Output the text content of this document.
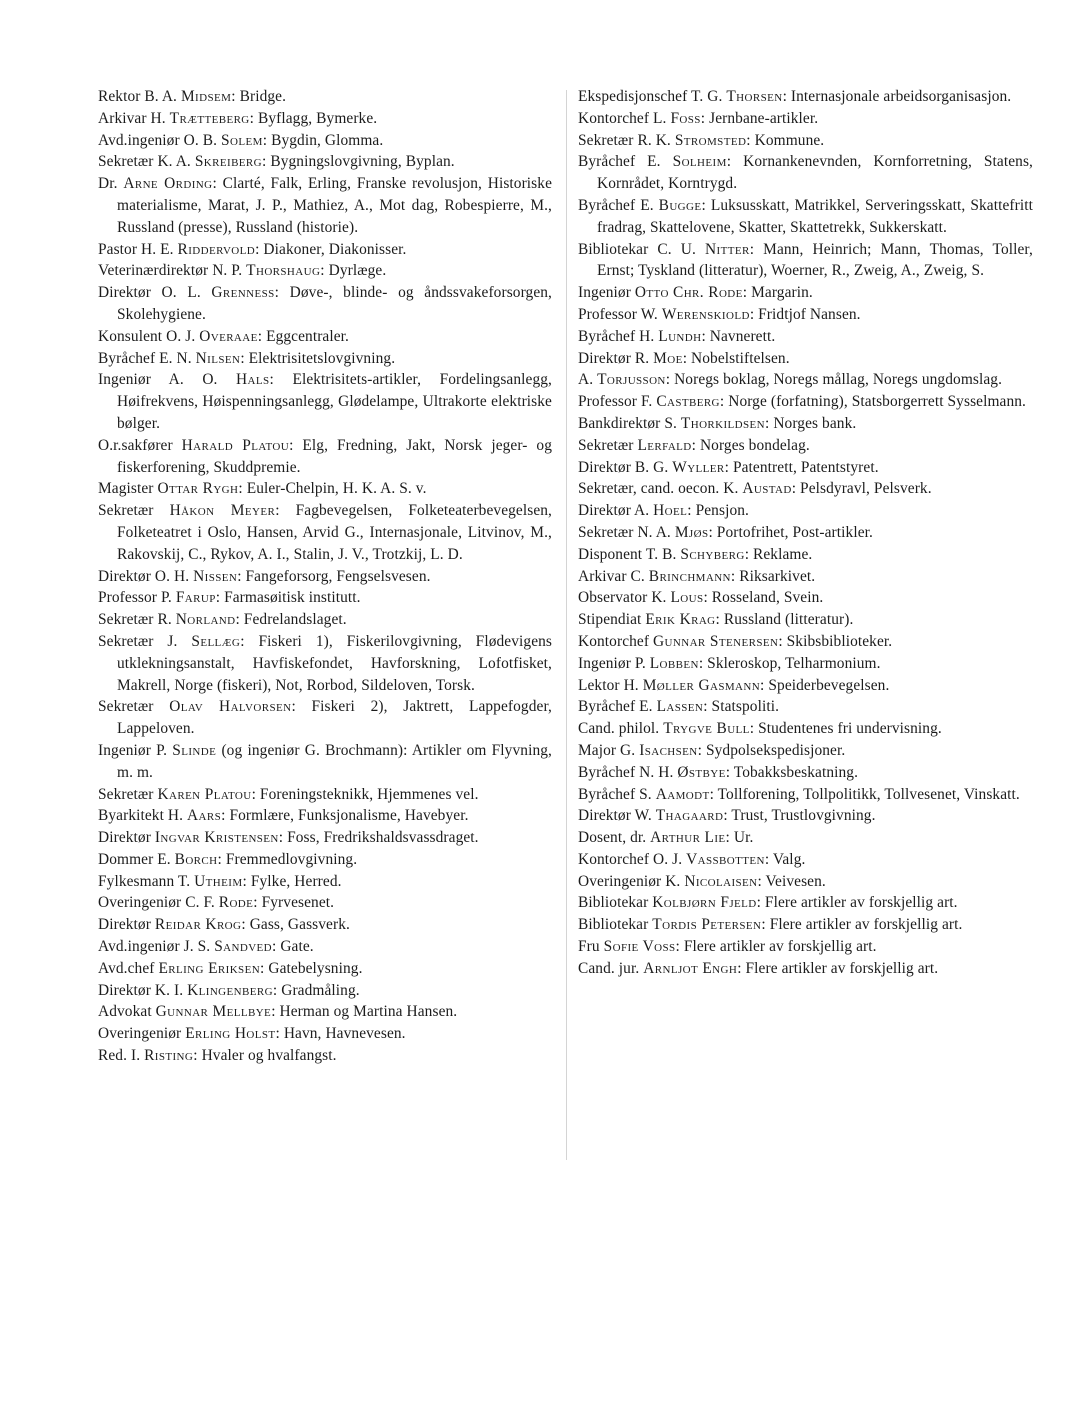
Rektor B. A. Midsem: Bridge.

Arkivar H. Trætteberg: Byflagg, Bymerke.

Avd.ingeniør O. B. Solem: Bygdin, Glomma.

Sekretær K. A. Skreiberg: Bygningslovgivning, Byplan.

Dr. Arne Ording: Clarté, Falk, Erling, Franske revolusjon, Historiske materialisme, Marat, J. P., Mathiez, A., Mot dag, Robespierre, M., Russland (presse), Russland (historie).

Pastor H. E. Riddervold: Diakoner, Diakonisser.

Veterinærdirektør N. P. Thorshaug: Dyrlæge.

Direktør O. L. Grenness: Døve-, blinde- og åndssvakeforsorgen, Skolehygiene.

Konsulent O. J. Overaae: Eggcentraler.

Byråchef E. N. Nilsen: Elektrisitetslovgivning.

Ingeniør A. O. Hals: Elektrisitets-artikler, Fordelingsanlegg, Høifrekvens, Høispenningsanlegg, Glødelampe, Ultrakorte elektriske bølger.

O.r.sakfører Harald Platou: Elg, Fredning, Jakt, Norsk jeger- og fiskerforening, Skuddpremie.

Magister Ottar Rygh: Euler-Chelpin, H. K. A. S. v.

Sekretær Håkon Meyer: Fagbevegelsen, Folketeaterbevegelsen, Folketeatret i Oslo, Hansen, Arvid G., Internasjonale, Litvinov, M., Rakovskij, C., Rykov, A. I., Stalin, J. V., Trotzkij, L. D.

Direktør O. H. Nissen: Fangeforsorg, Fengselsvesen.

Professor P. Farup: Farmasøitisk institutt.

Sekretær R. Norland: Fedrelandslaget.

Sekretær J. Sellæg: Fiskeri 1), Fiskerilovgivning, Flødevigens utklekningsanstalt, Havfiskefondet, Havforskning, Lofotfisket, Makrell, Norge (fiskeri), Not, Rorbod, Sildeloven, Torsk.

Sekretær Olav Halvorsen: Fiskeri 2), Jaktrett, Lappefogder, Lappeloven.

Ingeniør P. Slinde (og ingeniør G. Brochmann): Artikler om Flyvning, m. m.

Sekretær Karen Platou: Foreningsteknikk, Hjemmenes vel.

Byarkitekt H. Aars: Formlære, Funksjonalisme, Havebyer.

Direktør Ingvar Kristensen: Foss, Fredrikshaldsvassdraget.

Dommer E. Borch: Fremmedlovgivning.

Fylkesmann T. Utheim: Fylke, Herred.

Overingeniør C. F. Rode: Fyrvesenet.

Direktør Reidar Krog: Gass, Gassverk.

Avd.ingeniør J. S. Sandved: Gate.

Avd.chef Erling Eriksen: Gatebelysning.

Direktør K. I. Klingenberg: Gradmåling.

Advokat Gunnar Mellbye: Herman og Martina Hansen.

Overingeniør Erling Holst: Havn, Havnevesen.

Red. I. Risting: Hvaler og hvalfangst.

Ekspedisjonschef T. G. Thorsen: Internasjonale arbeidsorganisasjon.

Kontorchef L. Foss: Jernbane-artikler.

Sekretær R. K. Stromsted: Kommune.

Byråchef E. Solheim: Kornankenevnden, Kornforretning, Statens, Kornrådet, Korntrygd.

Byråchef E. Bugge: Luksusskatt, Matrikkel, Serveringsskatt, Skattefritt fradrag, Skattelovene, Skatter, Skattetrekk, Sukkerskatt.

Bibliotekar C. U. Nitter: Mann, Heinrich; Mann, Thomas, Toller, Ernst; Tyskland (litteratur), Woerner, R., Zweig, A., Zweig, S.

Ingeniør Otto Chr. Rode: Margarin.

Professor W. Werenskiold: Fridtjof Nansen.

Byråchef H. Lundh: Navnerett.

Direktør R. Moe: Nobelstiftelsen.

A. Torjusson: Noregs boklag, Noregs mållag, Noregs ungdomslag.

Professor F. Castberg: Norge (forfatning), Statsborgerrett Sysselmann.

Bankdirektør S. Thorkildsen: Norges bank.

Sekretær Lerfald: Norges bondelag.

Direktør B. G. Wyller: Patentrett, Patentstyret.

Sekretær, cand. oecon. K. Austad: Pelsdyravl, Pelsverk.

Direktør A. Hoel: Pensjon.

Sekretær N. A. Mjøs: Portofrihet, Post-artikler.

Disponent T. B. Schyberg: Reklame.

Arkivar C. Brinchmann: Riksarkivet.

Observator K. Lous: Rosseland, Svein.

Stipendiat Erik Krag: Russland (litteratur).

Kontorchef Gunnar Stenersen: Skibsbiblioteker.

Ingeniør P. Lobben: Skleroskop, Telharmonium.

Lektor H. Møller Gasmann: Speiderbevegelsen.

Byråchef E. Lassen: Statspoliti.

Cand. philol. Trygve Bull: Studentenes fri undervisning.

Major G. Isachsen: Sydpolsekspedisjoner.

Byråchef N. H. Østbye: Tobakksbeskatning.

Byråchef S. Aamodt: Tollforening, Tollpolitikk, Tollvesenet, Vinskatt.

Direktør W. Thagaard: Trust, Trustlovgivning.

Dosent, dr. Arthur Lie: Ur.

Kontorchef O. J. Vassbotten: Valg.

Overingeniør K. Nicolaisen: Veivesen.

Bibliotekar Kolbjørn Fjeld: Flere artikler av forskjellig art.

Bibliotekar Tordis Petersen: Flere artikler av forskjellig art.

Fru Sofie Voss: Flere artikler av forskjellig art.

Cand. jur. Arnljot Engh: Flere artikler av forskjellig art.
